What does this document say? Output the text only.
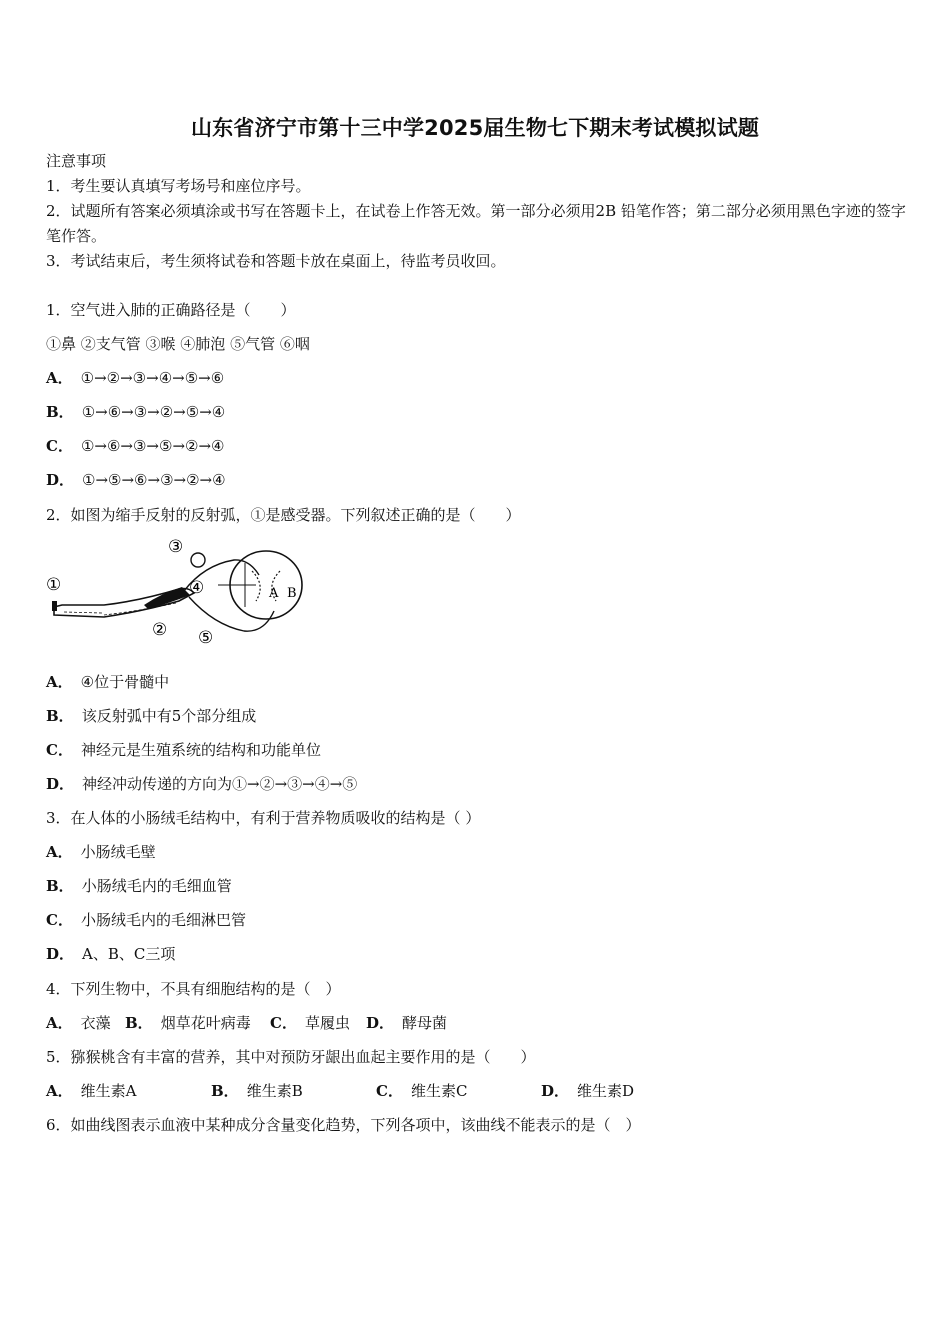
山东省济宁市第十三中学2025届生物七下期末考试模拟试题
注意事项
1．考生要认真填写考场号和座位序号。
2．试题所有答案必须填涂或书写在答题卡上，在试卷上作答无效。第一部分必须用2B 铅笔作答；第二部分必须用黑色字迹的签字笔作答。
3．考试结束后，考生须将试卷和答题卡放在桌面上，待监考员收回。
1．空气进入肺的正确路径是（　　）
①鼻 ②支气管 ③喉 ④肺泡 ⑤气管 ⑥咽
A． ①→②→③→④→⑤→⑥
B． ①→⑥→③→②→⑤→④
C． ①→⑥→③→⑤→②→④
D． ①→⑤→⑥→③→②→④
2．如图为缩手反射的反射弧，①是感受器。下列叙述正确的是（　　）
①
②
③
④
⑤
A B
A． ④位于骨髓中
B． 该反射弧中有5个部分组成
C． 神经元是生殖系统的结构和功能单位
D． 神经冲动传递的方向为①→②→③→④→⑤
3．在人体的小肠绒毛结构中，有利于营养物质吸收的结构是（ ）
A． 小肠绒毛壁
B． 小肠绒毛内的毛细血管
C． 小肠绒毛内的毛细淋巴管
D． A、B、C三项
4．下列生物中，不具有细胞结构的是（　）
A． 衣藻 B． 烟草花叶病毒 C． 草履虫 D． 酵母菌
5．猕猴桃含有丰富的营养，其中对预防牙龈出血起主要作用的是（　　）
A． 维生素A	B． 维生素B	C． 维生素C	D． 维生素D
6．如曲线图表示血液中某种成分含量变化趋势，下列各项中，该曲线不能表示的是（　）
